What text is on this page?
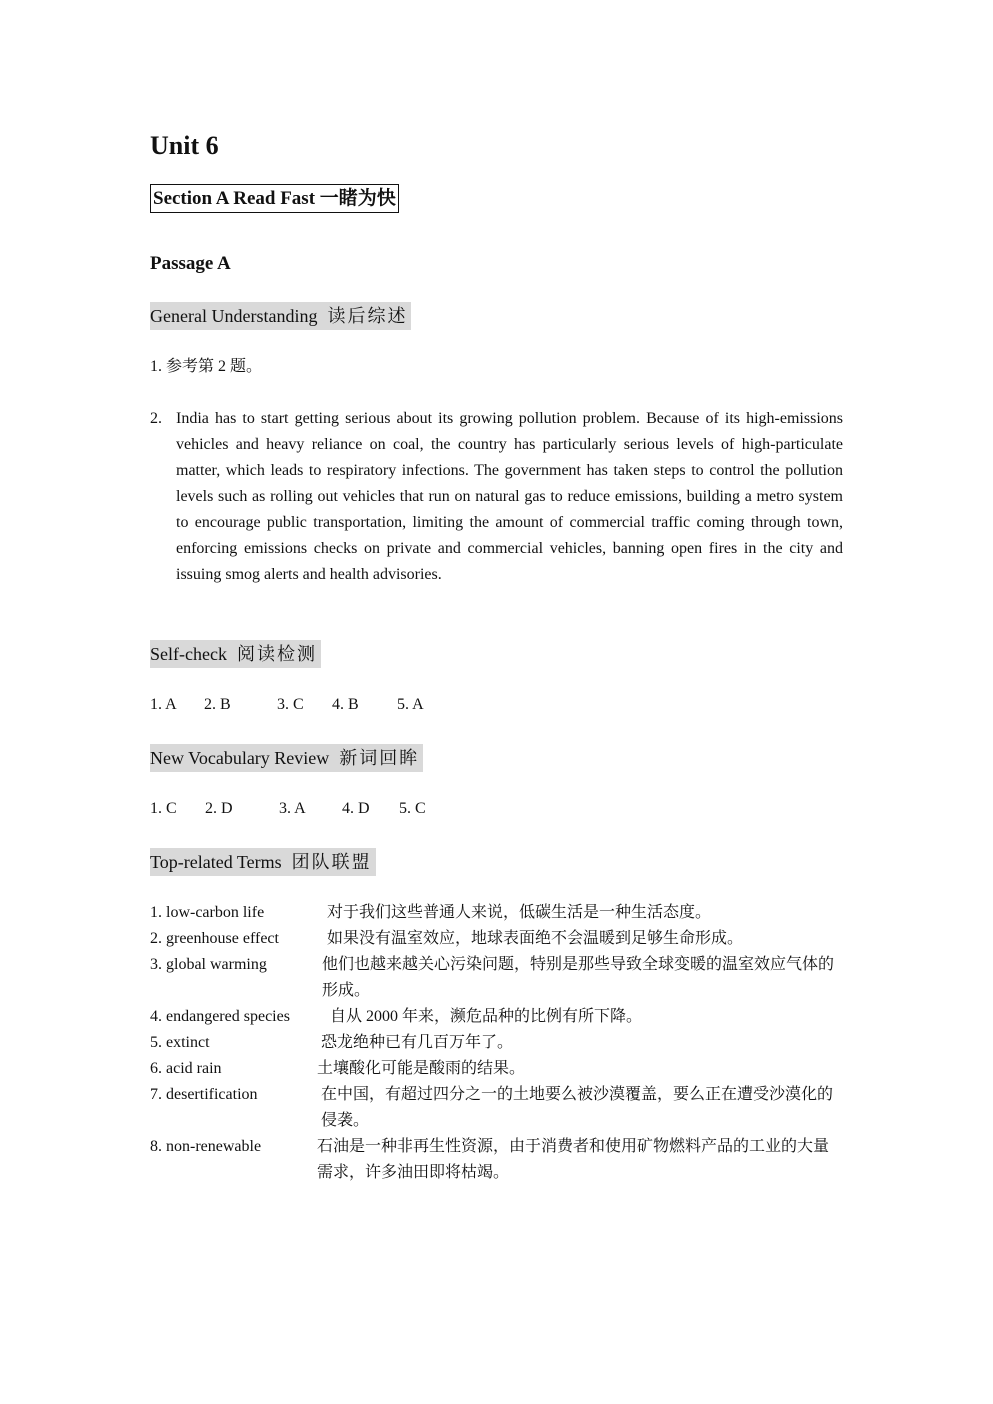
Unit 6
Section A Read Fast 一睹为快
Passage A
General Understanding 读后综述
1. 参考第 2 题。
2. India has to start getting serious about its growing pollution problem. Because of its high-emissions vehicles and heavy reliance on coal, the country has particularly serious levels of high-particulate matter, which leads to respiratory infections. The government has taken steps to control the pollution levels such as rolling out vehicles that run on natural gas to reduce emissions, building a metro system to encourage public transportation, limiting the amount of commercial traffic coming through town, enforcing emissions checks on private and commercial vehicles, banning open fires in the city and issuing smog alerts and health advisories.
Self-check 阅读检测
1. A 2. B	3. C 4. B 5. A
New Vocabulary Review 新词回眸
1. C 2. D	3. A 4. D 5. C
Top-related Terms 团队联盟
1. low-carbon life	对于我们这些普通人来说，低碳生活是一种生活态度。
2. greenhouse effect	如果没有温室效应，地球表面绝不会温暖到足够生命形成。
3. global warming	他们也越来越关心污染问题，特别是那些导致全球变暖的温室效应气体的形成。
4. endangered species	自从 2000 年来，濒危品种的比例有所下降。
5. extinct	恐龙绝种已有几百万年了。
6. acid rain	土壤酸化可能是酸雨的结果。
7. desertification	在中国，有超过四分之一的土地要么被沙漠覆盖，要么正在遭受沙漠化的侵袭。
8. non-renewable	石油是一种非再生性资源，由于消费者和使用矿物燃料产品的工业的大量需求，许多油田即将枯竭。
